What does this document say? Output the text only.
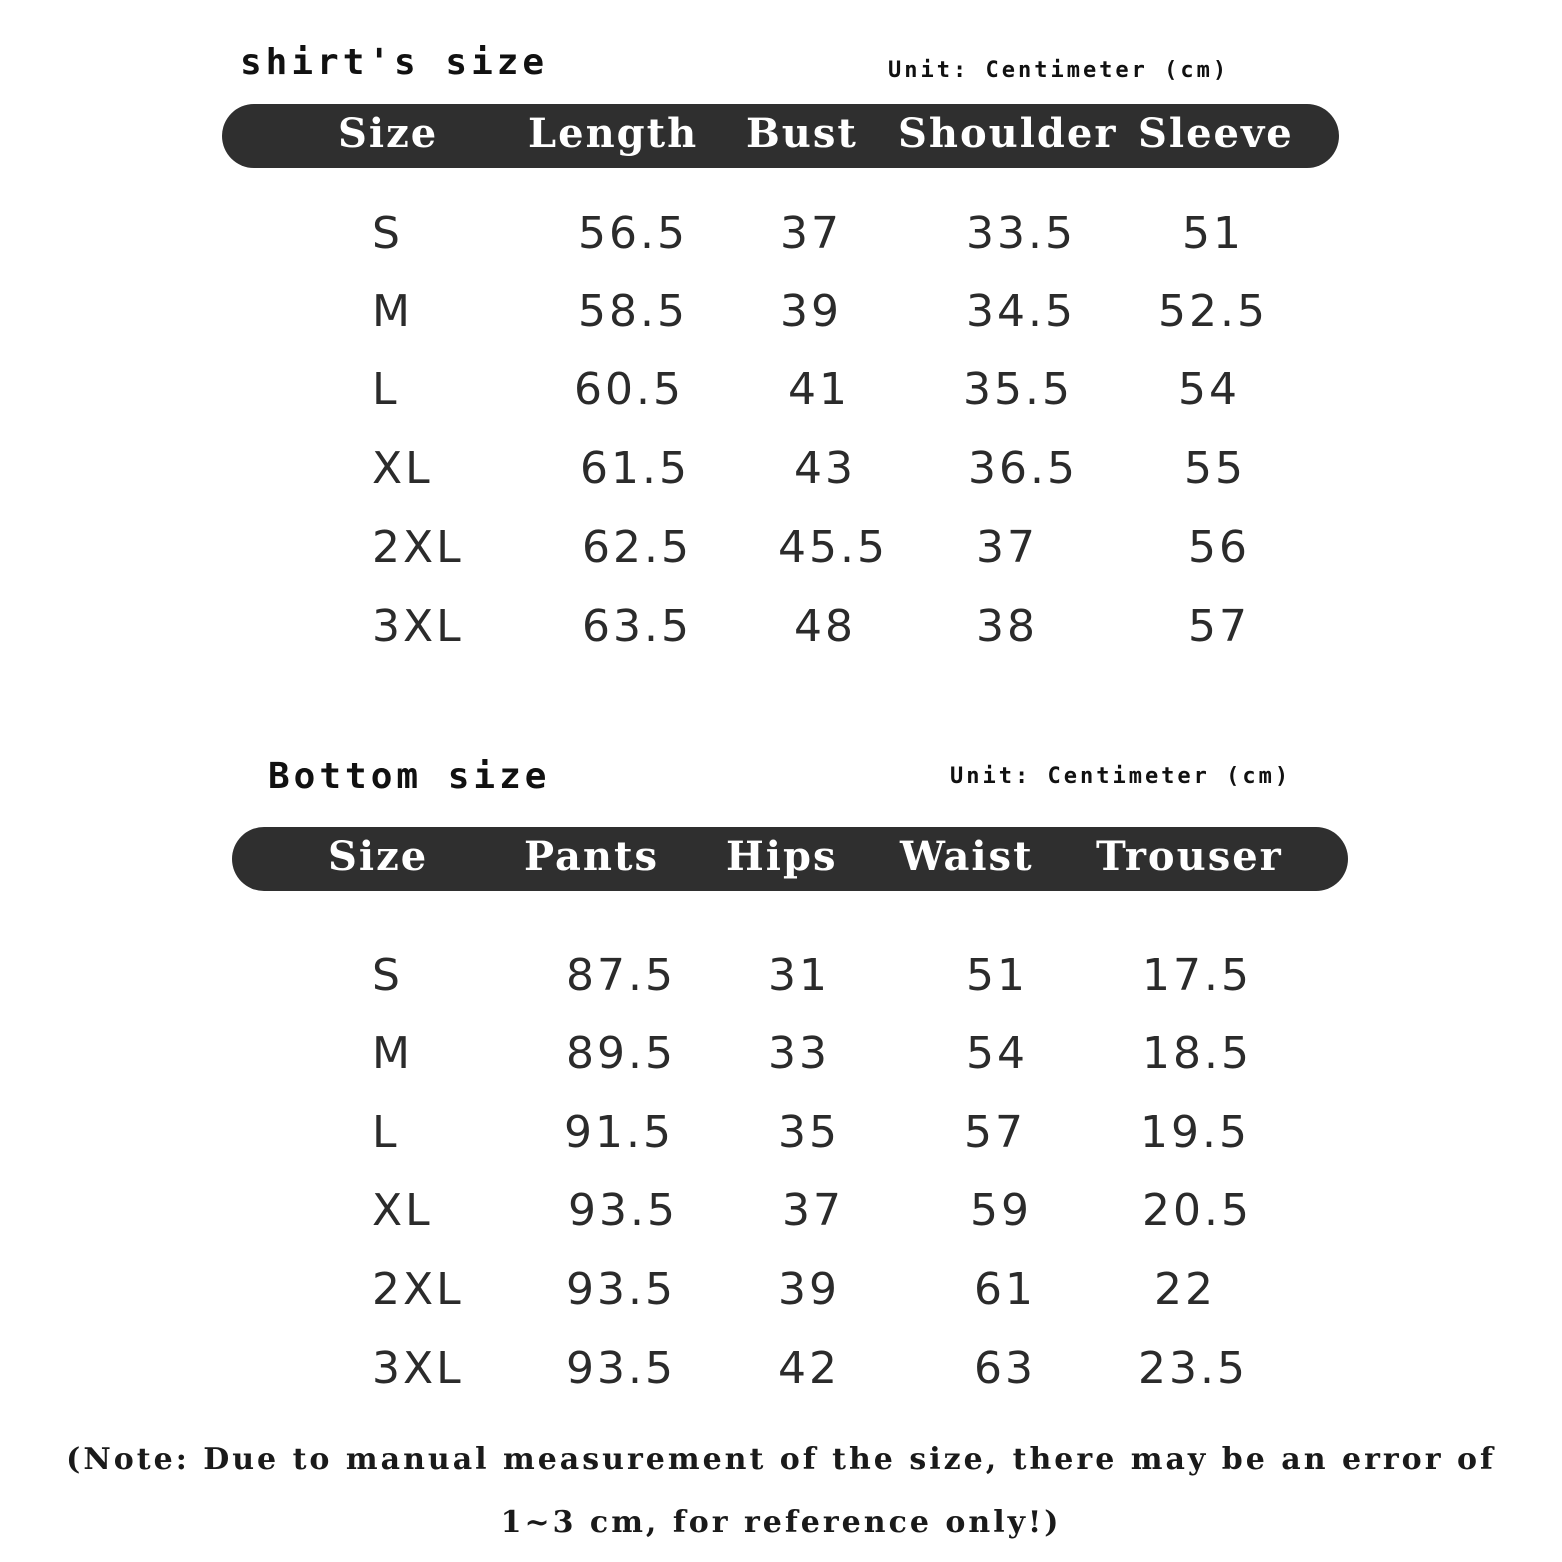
shirt's size	Unit: Centimeter (cm)

Size Length Bust Shoulder Sleeve
S	56.5 37	33.5 51
M	58.5 39	34.5 52.5
L	60.5 41	35.5 54
XL	61.5 43	36.5 55
2XL	62.5 45.5 37	56
3XL	63.5 48	38	57
Bottom size	Unit: Centimeter (cm)

Size Pants Hips Waist Trouser
S	87.5 31	51	17.5
M	89.5 33	54	18.5
L	91.5 35	57	19.5
XL	93.5 37	59	20.5
2XL 93.5 39	61	22
3XL 93.5 42	63 23.5

(Note: Due to manual measurement of the size, there may be an error of

1~3 cm, for reference only!)
